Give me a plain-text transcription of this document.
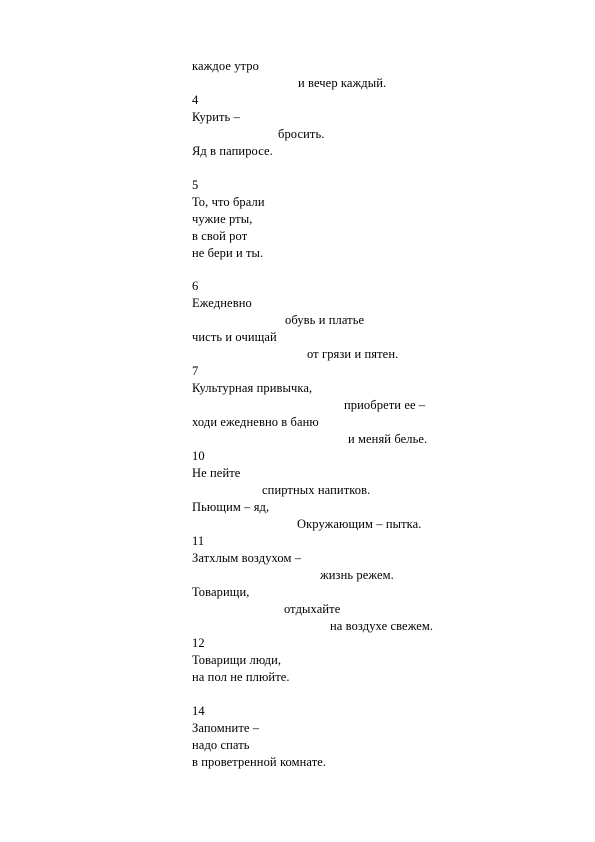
каждое утро
и вечер каждый.
4
Курить –
бросить.
Яд в папиросе.
5
То, что брали
чужие рты,
в свой рот
не бери и ты.
6
Ежедневно
обувь и платье
чисть и очищай
от грязи и пятен.
7
Культурная привычка,
приобрети ее –
ходи ежедневно в баню
и меняй белье.
10
Не пейте
спиртных напитков.
Пьющим – яд,
Окружающим – пытка.
11
Затхлым воздухом –
жизнь режем.
Товарищи,
отдыхайте
на воздухе свежем.
12
Товарищи люди,
на пол не плюйте.
14
Запомните –
надо спать
в проветренной комнате.
